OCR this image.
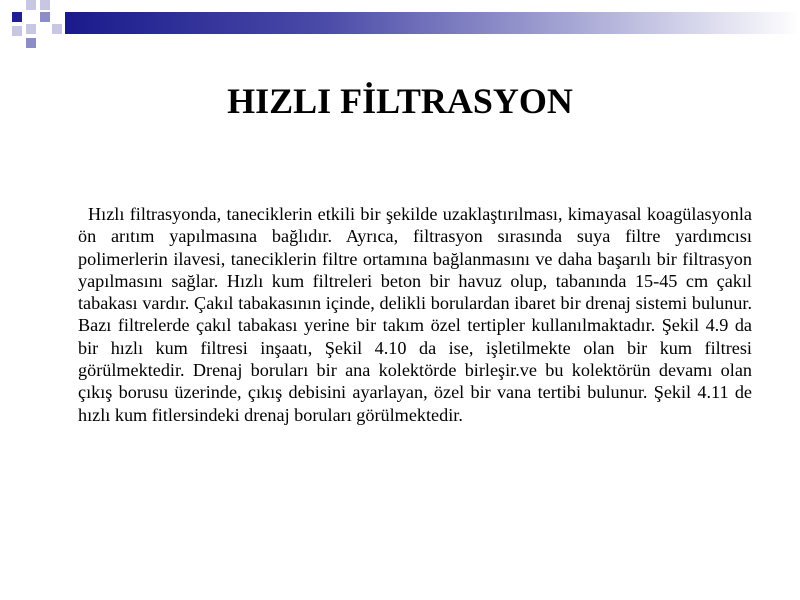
HIZLI FİLTRASYON

Hızlı filtrasyonda, taneciklerin etkili bir şekilde uzaklaştırılması, kimayasal koagülasyonla ön arıtım yapılmasına bağlıdır. Ayrıca, filtrasyon sırasında suya filtre yardımcısı polimerlerin ilavesi, taneciklerin filtre ortamına bağlanmasını ve daha başarılı bir filtrasyon yapılmasını sağlar. Hızlı kum filtreleri beton bir havuz olup, tabanında 15-45 cm çakıl tabakası vardır. Çakıl tabakasının içinde, delikli borulardan ibaret bir drenaj sistemi bulunur. Bazı filtrelerde çakıl tabakası yerine bir takım özel tertipler kullanılmaktadır. Şekil 4.9 da bir hızlı kum filtresi inşaatı, Şekil 4.10 da ise, işletilmekte olan bir kum filtresi görülmektedir. Drenaj boruları bir ana kolektörde birleşir.ve bu kolektörün devamı olan çıkış borusu üzerinde, çıkış debisini ayarlayan, özel bir vana tertibi bulunur. Şekil 4.11 de hızlı kum fitlersindeki drenaj boruları görülmektedir.
